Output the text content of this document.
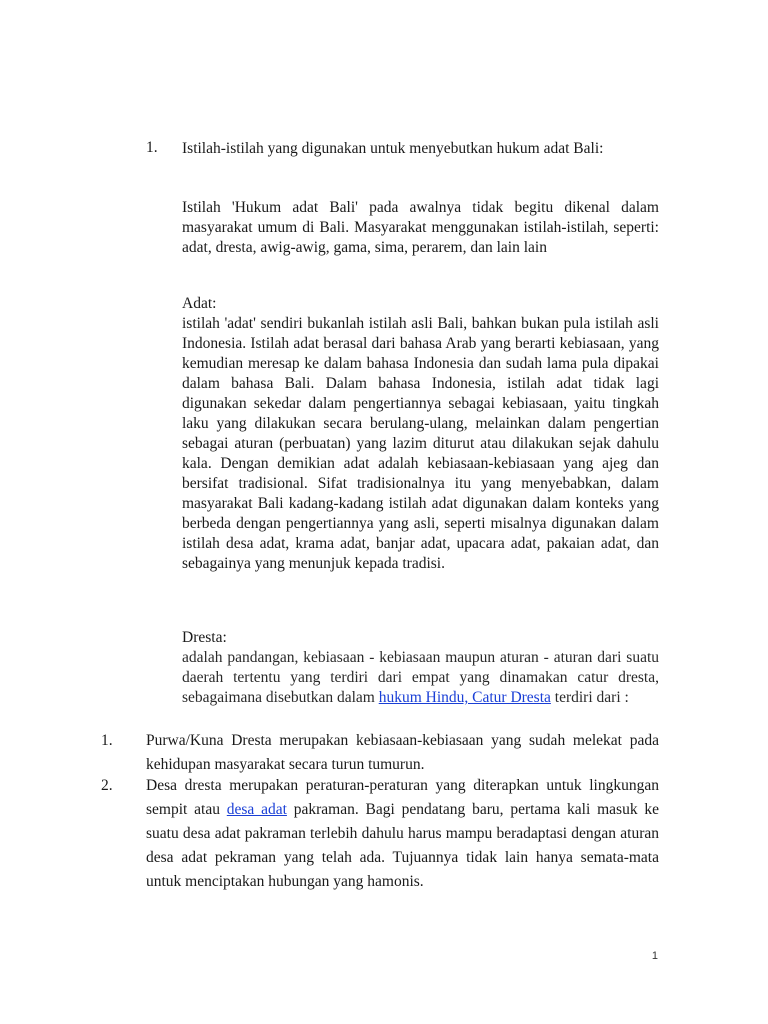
1. Istilah-istilah yang digunakan untuk menyebutkan hukum adat Bali:

Istilah 'Hukum adat Bali' pada awalnya tidak begitu dikenal dalam masyarakat umum di Bali. Masyarakat menggunakan istilah-istilah, seperti: adat, dresta, awig-awig, gama, sima, perarem, dan lain lain

Adat:

istilah 'adat' sendiri bukanlah istilah asli Bali, bahkan bukan pula istilah asli Indonesia. Istilah adat berasal dari bahasa Arab yang berarti kebiasaan, yang kemudian meresap ke dalam bahasa Indonesia dan sudah lama pula dipakai dalam bahasa Bali. Dalam bahasa Indonesia, istilah adat tidak lagi digunakan sekedar dalam pengertiannya sebagai kebiasaan, yaitu tingkah laku yang dilakukan secara berulang-ulang, melainkan dalam pengertian sebagai aturan (perbuatan) yang lazim diturut atau dilakukan sejak dahulu kala. Dengan demikian adat adalah kebiasaan-kebiasaan yang ajeg dan bersifat tradisional. Sifat tradisionalnya itu yang menyebabkan, dalam masyarakat Bali kadang-kadang istilah adat digunakan dalam konteks yang berbeda dengan pengertiannya yang asli, seperti misalnya digunakan dalam istilah desa adat, krama adat, banjar adat, upacara adat, pakaian adat, dan sebagainya yang menunjuk kepada tradisi.

Dresta:

adalah pandangan, kebiasaan - kebiasaan maupun aturan - aturan dari suatu daerah tertentu yang terdiri dari empat yang dinamakan catur dresta, sebagaimana disebutkan dalam hukum Hindu, Catur Dresta terdiri dari :

1. Purwa/Kuna Dresta merupakan kebiasaan-kebiasaan yang sudah melekat pada kehidupan masyarakat secara turun tumurun.
2. Desa dresta merupakan peraturan-peraturan yang diterapkan untuk lingkungan sempit atau desa adat pakraman. Bagi pendatang baru, pertama kali masuk ke suatu desa adat pakraman terlebih dahulu harus mampu beradaptasi dengan aturan desa adat pekraman yang telah ada. Tujuannya tidak lain hanya semata-mata untuk menciptakan hubungan yang hamonis.
1
